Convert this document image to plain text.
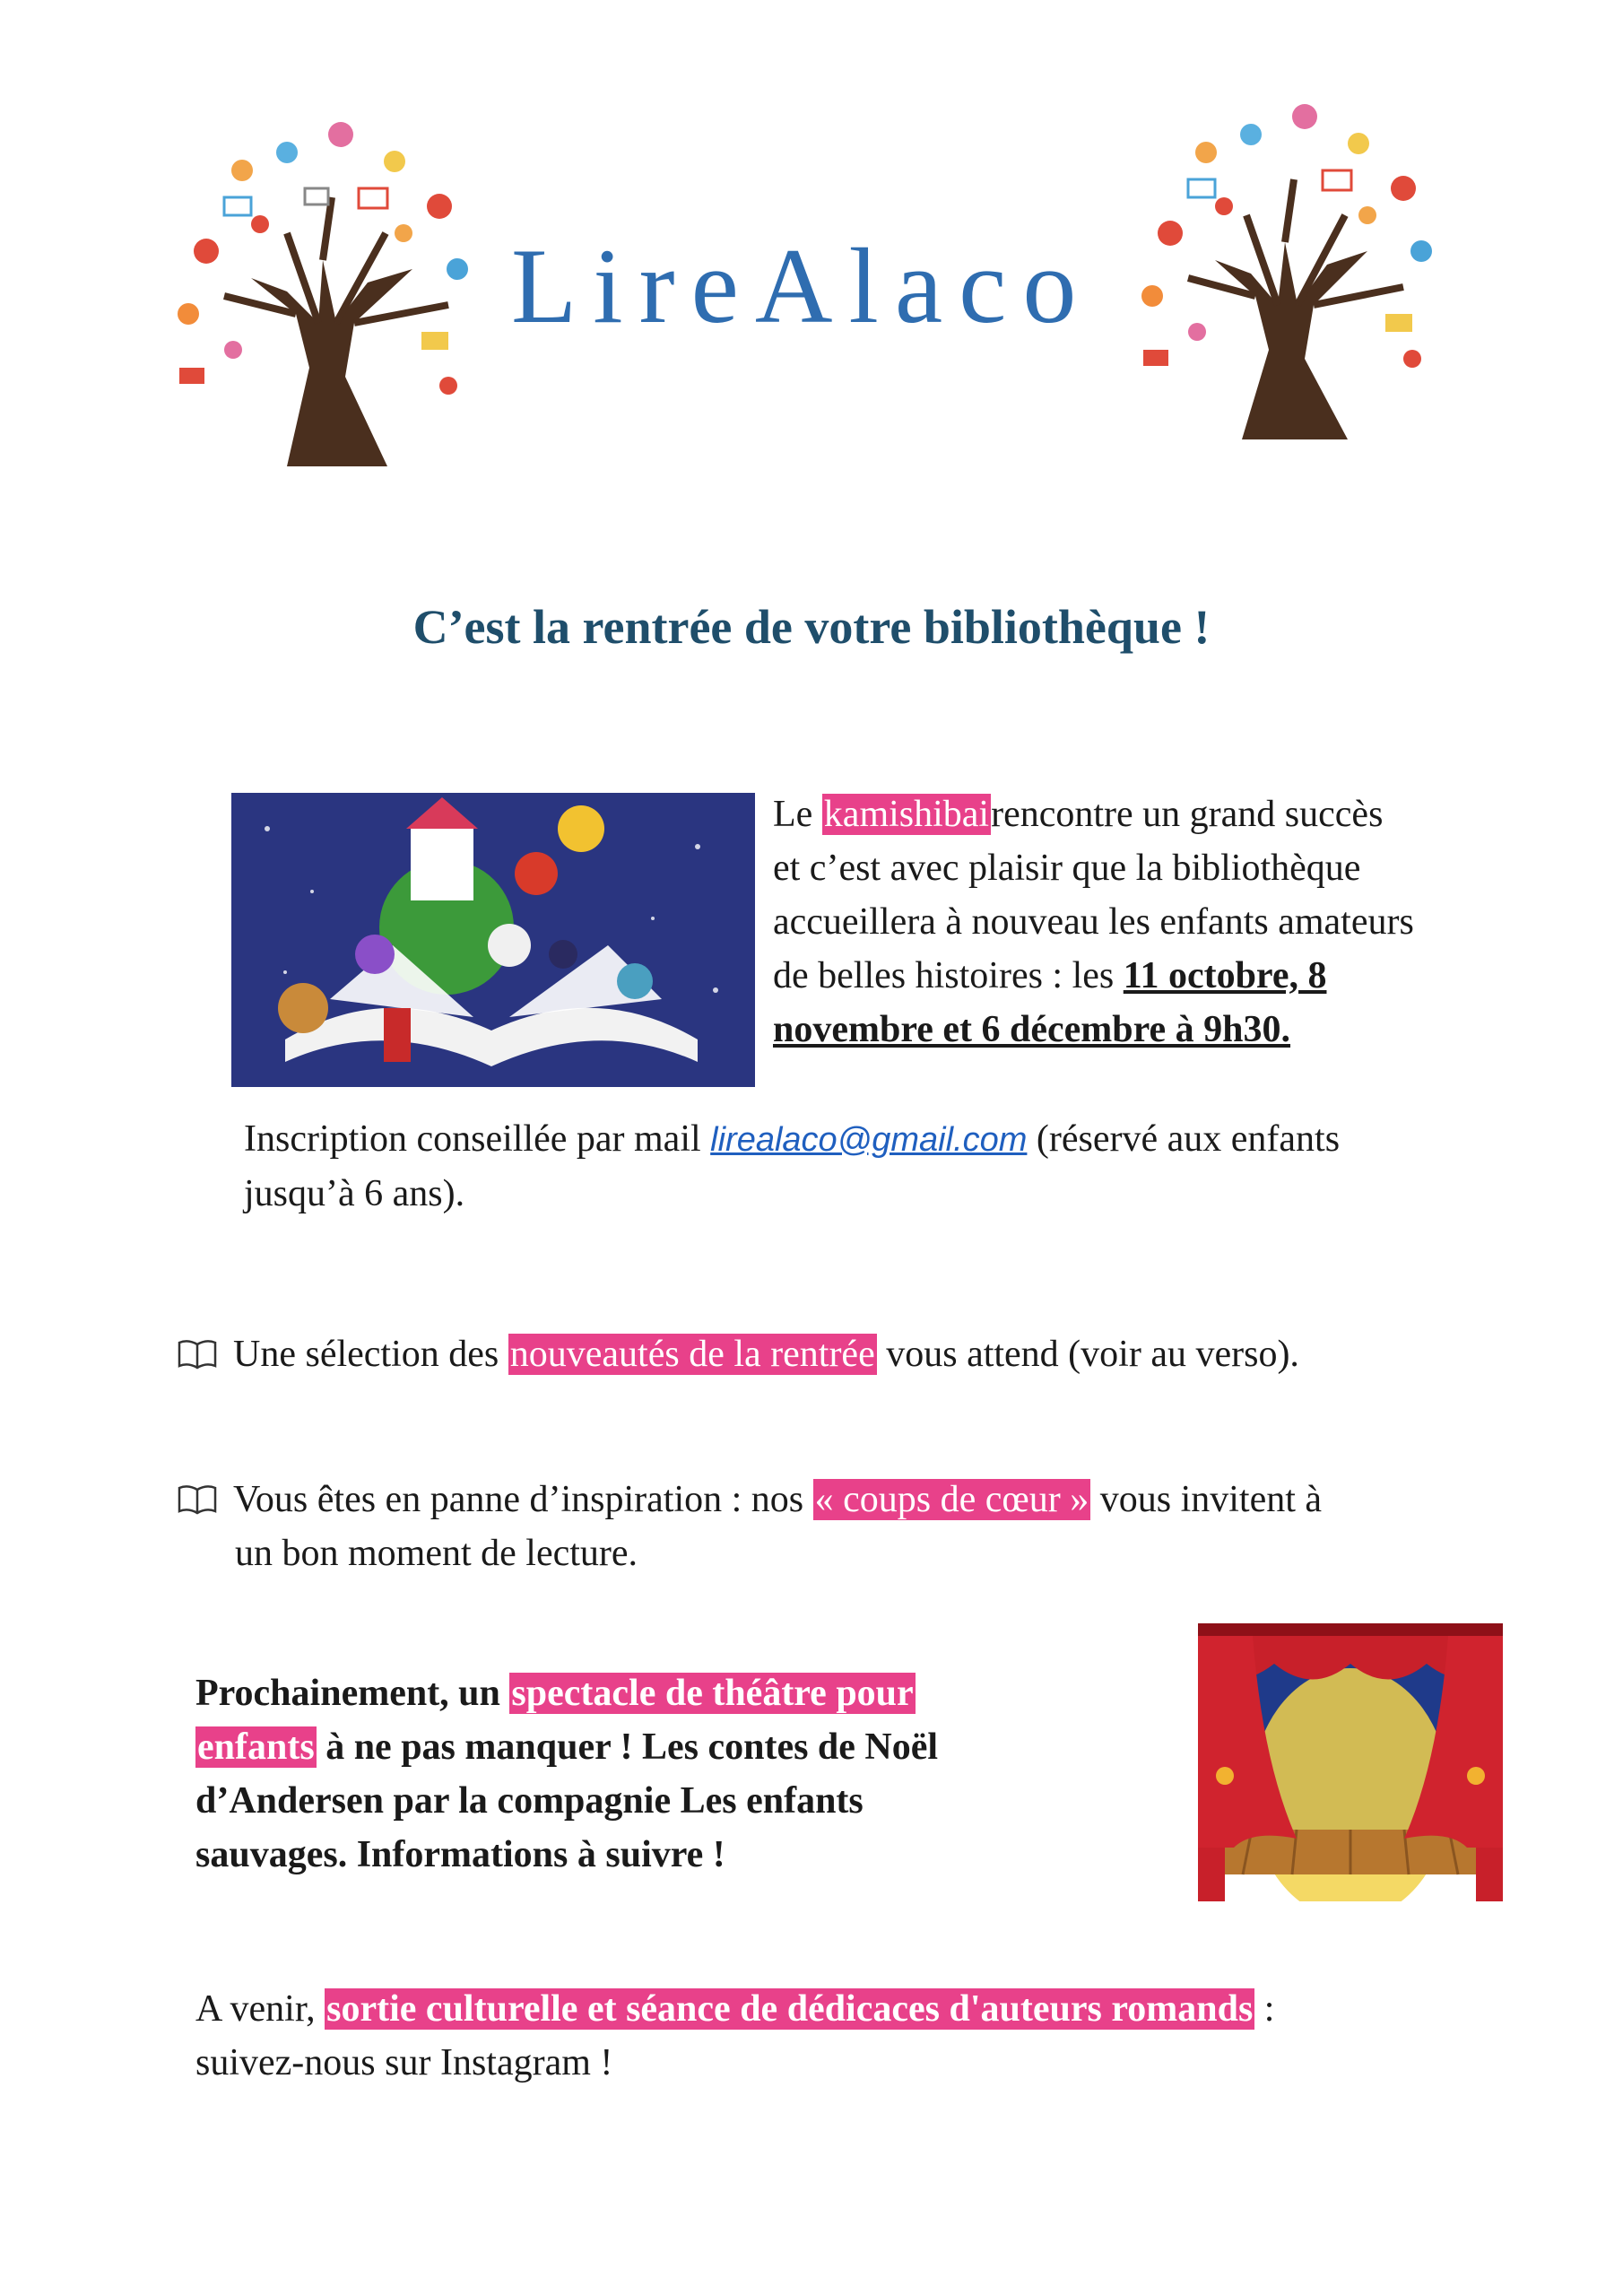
LireAlaco
C’est la rentrée de votre bibliothèque !
Le kamishibairencontre un grand succès
et c’est avec plaisir que la bibliothèque
accueillera à nouveau les enfants amateurs
de belles histoires : les 11 octobre, 8
novembre et 6 décembre à 9h30.
Inscription conseillée par mail lirealaco@gmail.com (réservé aux enfants
jusqu’à 6 ans).
Une sélection des nouveautés de la rentrée vous attend (voir au verso).
Vous êtes en panne d’inspiration : nos « coups de cœur » vous invitent à
un bon moment de lecture.
Prochainement, un spectacle de théâtre pour
enfants à ne pas manquer ! Les contes de Noël
d’Andersen par la compagnie Les enfants
sauvages. Informations à suivre !
A venir, sortie culturelle et séance de dédicaces d'auteurs romands :
suivez-nous sur Instagram !
